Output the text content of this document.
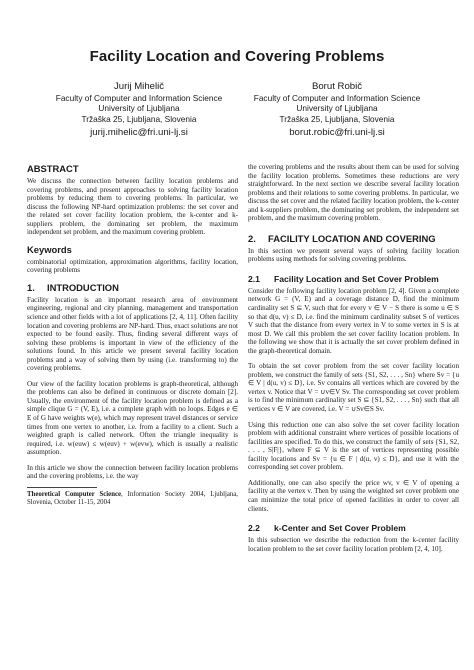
Facility Location and Covering Problems
Jurij Mihelič
Faculty of Computer and Information Science
University of Ljubljana
Tržaška 25, Ljubljana, Slovenia
jurij.mihelic@fri.uni-lj.si
Borut Robič
Faculty of Computer and Information Science
University of Ljubljana
Tržaška 25, Ljubljana, Slovenia
borut.robic@fri.uni-lj.si
ABSTRACT

We discuss the connection between facility location problems and covering problems, and present approaches to solving facility location problems by reducing them to covering problems. In particular, we discuss the following NP-hard optimization problems: the set cover and the related set cover facility location problem, the k-center and k-suppliers problem, the dominating set problem, the maximum independent set problem, and the maximum covering problem.

Keywords

combinatorial optimization, approximation algorithms, facility location, covering problems

1. INTRODUCTION

Facility location is an important research area of environment engineering, regional and city planning, management and transportation science and other fields with a lot of applications [2, 4, 11]. Often facility location and covering problems are NP-hard. Thus, exact solutions are not expected to be found easily. Thus, finding several different ways of solving these problems is important in view of the efficiency of the solutions found. In this article we present several facility location problems and a way of solving them by using (i.e. transforming to) the covering problems.

Our view of the facility location problems is graph-theoretical, although the problems can also be defined in continuous or discrete domain [2]. Usually, the environment of the facility location problem is defined as a simple clique G = (V, E), i.e. a complete graph with no loops. Edges e ∈ E of G have weights w(e), which may represent travel distances or service times from one vertex to another, i.e. from a facility to a client. Such a weighted graph is called network. Often the triangle inequality is required, i.e. w(euw) ≤ w(euv) + w(evw), which is usually a realistic assumption.

In this article we show the connection between facility location problems and the covering problems, i.e. the way

Theoretical Computer Science, Information Society 2004, Ljubljana, Slovenia, October 11-15, 2004

the covering problems and the results about them can be used for solving the facility location problems. Sometimes these reductions are very straightforward. In the next section we describe several facility location problems and their relations to some covering problems. In particular, we discuss the set cover and the related facility location problem, the k-center and k-suppliers problem, the dominating set problem, the independent set problem, and the maximum covering problem.

2. FACILITY LOCATION AND COVERING

In this section we present several ways of solving facility location problems using methods for solving covering problems.

2.1 Facility Location and Set Cover Problem

Consider the following facility location problem [2, 4]. Given a complete network G = (V, E) and a coverage distance D, find the minimum cardinality set S ⊆ V, such that for every v ∈ V − S there is some u ∈ S so that d(u, v) ≤ D, i.e. find the minimum cardinality subset S of vertices V such that the distance from every vertex in V to some vertex in S is at most D. We call this problem the set cover facility location problem. In the following we show that it is actually the set cover problem defined in the graph-theoretical domain.

To obtain the set cover problem from the set cover facility location problem, we construct the family of sets {S1, S2, . . . , Sn} where Sv = {u ∈ V | d(u, v) ≤ D}, i.e. Sv contains all vertices which are covered by the vertex v. Notice that V = ∪v∈V Sv. The corresponding set cover problem is to find the minimum cardinality set S ⊆ {S1, S2, . . . , Sn} such that all vertices v ∈ V are covered, i.e. V = ∪Sv∈S Sv.

Using this reduction one can also solve the set cover facility location problem with additional constraint where vertices of possible locations of facilities are specified. To do this, we construct the family of sets {S1, S2, . . . , S|F|}, where F ⊆ V is the set of vertices representing possible facility locations and Sv = {u ∈ F | d(u, v) ≤ D}, and use it with the corresponding set cover problem.

Additionally, one can also specify the price wv, v ∈ V of opening a facility at the vertex v. Then by using the weighted set cover problem one can minimize the total price of opened facilities in order to cover all clients.

2.2 k-Center and Set Cover Problem

In this subsection we describe the reduction from the k-center facility location problem to the set cover facility location problem [2, 4, 10].
